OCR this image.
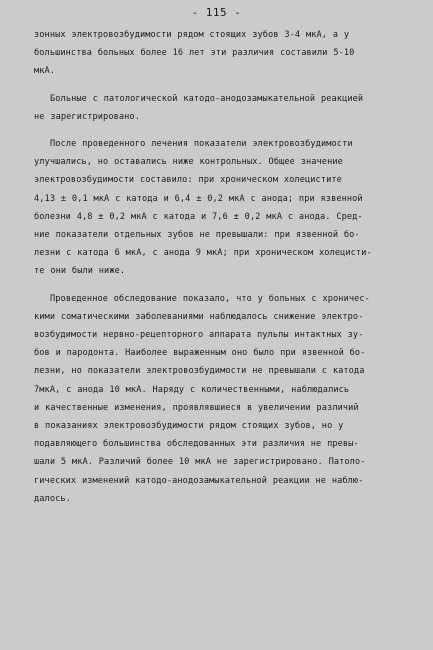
- 115 -
зонных электровозбудимости рядом стоящих зубов 3-4 мкА, а у
большинства больных более 16 лет эти различия составили 5-10
мкА.
Больные с патологической катодо-анодозамыкательной реакцией
не зарегистрировано.
После проведенного лечения показатели электровозбудимости
улучшались, но оставались ниже контрольных. Общее значение
электровозбудимости составило: при хроническом холецистите
4,13 ± 0,1 мкА с катода и 6,4 ± 0,2 мкА с анода; при язвенной
болезни 4,8 ± 0,2 мкА с катода и 7,6 ± 0,2 мкА с анода. Сред-
ние показатели отдельных зубов не превышали: при язвенной бо-
лезни с катода 6 мкА, с анода 9 мкА; при хроническом холецисти-
те они были ниже.
Проведенное обследование показало, что у больных с хроничес-
кими соматическими заболеваниями наблюдалось снижение электро-
возбудимости нервно-рецепторного аппарата пульпы интактных зу-
бов и пародонта. Наиболее выраженным оно было при язвенной бо-
лезни, но показатели электровозбудимости не превышали с катода
7мкА, с анода 10 мкА. Наряду с количественными, наблюдались
и качественные изменения, проявлявшиеся в увеличении различий
в показаниях электровозбудимости рядом стоящих зубов, но у
подавляющего большинства обследованных эти различия не превы-
шали 5 мкА. Различий более 10 мкА не зарегистрировано. Патоло-
гических изменений катодо-анодозамыкательной реакции не наблю-
далось.
